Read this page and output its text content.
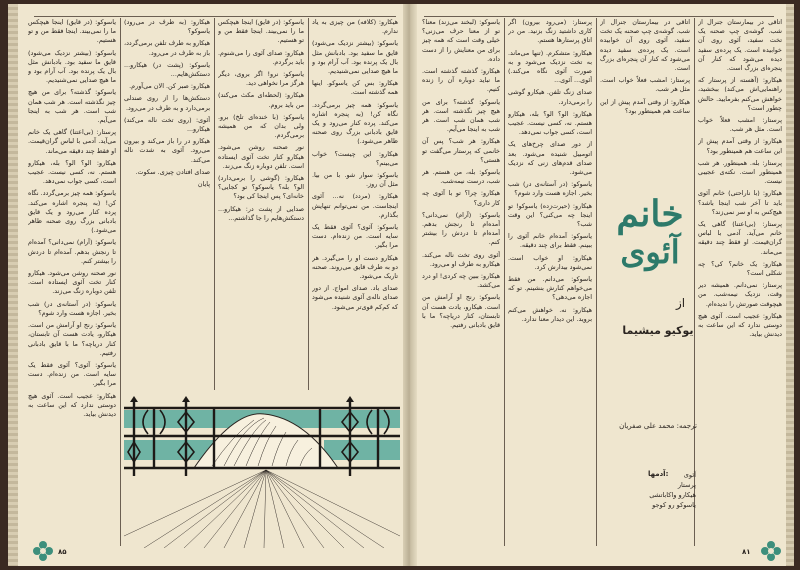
اتاقی در بیمارستان جنرال از شب. گوشه‌ی چپ صحنه یک تخت سفید، آئوی روی آن خوابیده است. یک پرده‌ی سفید دیده می‌شود که کنار آن پنجره‌ای بزرگ است.

هیکارو: (آهسته از پرستار که راهنمایی‌اش می‌کند) ببخشید، خواهش می‌کنم بفرمایید. حالش چطور است؟

پرستار: امشب فعلاً خواب است. مثل هر شب.

هیکارو: از وقتی آمدم پیش از این ساعت هم همینطور بود؟

پرستار: بله. همینطور. هر شب همینطور است. نکته‌ی عجیبی نیست.

هیکارو: (با ناراحتی) خانم آئوی باید تا آخر شب اینجا باشد؟ هیچ‌کس به او سر نمی‌زند؟

پرستار: (بی‌اعتنا) گاهی یک خانم می‌آید. آدمی با لباس گران‌قیمت. او فقط چند دقیقه می‌ماند.

هیکارو: یک خانم؟ کی؟ چه شکلی است؟

پرستار: نمی‌دانم. همیشه دیر وقت، نزدیک نیمه‌شب. من هیچوقت صورتش را ندیده‌ام.

هیکارو: عجیب است. آئوی هیچ دوستی ندارد که این ساعت به دیدنش بیاید.

اتاقی در بیمارستان جنرال از شب. گوشه‌ی چپ صحنه یک تخت سفید، آئوی روی آن خوابیده است. یک پرده‌ی سفید دیده می‌شود که کنار آن پنجره‌ای بزرگ است.

پرستار: امشب فعلاً خواب است. مثل هر شب.

هیکارو: از وقتی آمدم پیش از این ساعت هم همینطور بود؟

خانم
آئوی
از
یوکیو میشیما
ترجمه: محمد علی صفریان
آئوی
پرستار
هیکارو واکاباتشی
یاسوکو رو کوجو
آدمها:

پرستار: (می‌رود بیرون) اگر کاری داشتید زنگ بزنید. من در اتاق پرستارها هستم.

هیکارو: متشکرم. (تنها می‌ماند. به تخت نزدیک می‌شود و به صورت آئوی نگاه می‌کند.) آئوی... آئوی...

صدای زنگ تلفن. هیکارو گوشی را برمی‌دارد.

هیکارو: الو؟ الو؟ بله، هیکارو هستم. نه، کسی نیست. عجیب است، کسی جواب نمی‌دهد.

از دور صدای چرخ‌های یک اتومبیل شنیده می‌شود. بعد صدای قدم‌های زنی که نزدیک می‌شود.

یاسوکو: (در آستانه‌ی در) شب بخیر. اجازه هست وارد شوم؟

هیکارو: (حیرت‌زده) یاسوکو! تو اینجا چه می‌کنی؟ این وقت شب؟

یاسوکو: آمده‌ام خانم آئوی را ببینم. فقط برای چند دقیقه.

هیکارو: او خواب است. نمی‌شود بیدارش کرد.

یاسوکو: می‌دانم. من فقط می‌خواهم کنارش بنشینم. تو که اجازه می‌دهی؟

هیکارو: نه. خواهش می‌کنم بروید. این دیدار معنا ندارد.

یاسوکو: (لبخند می‌زند) معنا؟ تو از معنا حرف می‌زنی؟ خیلی وقت است که همه چیز برای من معنایش را از دست داده.

هیکارو: گذشته گذشته است. ما نباید دوباره آن را زنده کنیم.

یاسوکو: گذشته؟ برای من هیچ چیز نگذشته است. هر شب همان شب است. هر شب به اینجا می‌آیم.

هیکارو: هر شب؟ پس آن خانمی که پرستار می‌گفت تو هستی؟

یاسوکو: بله، من هستم. هر شب، درست نیمه‌شب.

هیکارو: چرا؟ تو با آئوی چه کار داری؟

یاسوکو: (آرام) نمی‌دانی؟ آمده‌ام تا رنجش بدهم. آمده‌ام تا دردش را بیشتر کنم.

آئوی روی تخت ناله می‌کند. هیکارو به طرف او می‌رود.

هیکارو: ببین چه کردی! او درد می‌کشد.

یاسوکو: رنج او آرامش من است. هیکارو، یادت هست آن تابستان، کنار دریاچه؟ ما با قایق بادبانی رفتیم.

هیکارو: (کلافه) من چیزی به یاد ندارم.

یاسوکو: (بیشتر نزدیک می‌شود) قایق ما سفید بود. بادبانش مثل بال یک پرنده بود. آب آرام بود و ما هیچ صدایی نمی‌شنیدیم.

هیکارو: بس کن یاسوکو. اینها همه گذشته است.

یاسوکو: همه چیز برمی‌گردد. نگاه کن! (به پنجره اشاره می‌کند. پرده کنار می‌رود و یک قایق بادبانی بزرگ روی صحنه ظاهر می‌شود.)

هیکارو: این چیست؟ خواب می‌بینم؟

یاسوکو: سوار شو. با من بیا. مثل آن روز.

هیکارو: (مردد) نه... آئوی اینجاست. من نمی‌توانم تنهایش بگذارم.

یاسوکو: آئوی؟ آئوی فقط یک سایه است. من زنده‌ام. دست مرا بگیر.

هیکارو دست او را می‌گیرد. هر دو به طرف قایق می‌روند. صحنه تاریک می‌شود.

صدای باد. صدای امواج. از دور صدای ناله‌ی آئوی شنیده می‌شود که کم‌کم قوی‌تر می‌شود.

یاسوکو: (در قایق) اینجا هیچکس ما را نمی‌بیند. اینجا فقط من و تو هستیم.

هیکارو: صدای آئوی را می‌شنوم. باید برگردم.

یاسوکو: نرو! اگر بروی، دیگر هرگز مرا نخواهی دید.

هیکارو: (لحظه‌ای مکث می‌کند) من باید بروم.

یاسوکو: (با خنده‌ای تلخ) برو. ولی بدان که من همیشه برمی‌گردم.

نور صحنه روشن می‌شود. هیکارو کنار تخت آئوی ایستاده است. تلفن دوباره زنگ می‌زند.

هیکارو: (گوشی را برمی‌دارد) الو؟ بله؟ یاسوکو؟ تو کجایی؟ خانه‌ای؟ پس اینجا کی بود؟

صدایی از پشت در: هیکارو... دستکش‌هایم را جا گذاشتم...

هیکارو: (به طرف در می‌رود) یاسوکو؟

هیکارو به طرف تلفن برمی‌گردد، باز به طرف در می‌رود.

یاسوکو: (پشت در) هیکارو... دستکش‌هایم...

هیکارو: صبر کن. الان می‌آورم.

دستکش‌ها را از روی صندلی برمی‌دارد و به طرف در می‌رود.

آئوی: (روی تخت ناله می‌کند) هیکارو...

هیکارو در را باز می‌کند و بیرون می‌رود. آئوی به شدت ناله می‌کند.

صدای افتادن چیزی. سکوت.

پایان

یاسوکو: (در قایق) اینجا هیچکس ما را نمی‌بیند. اینجا فقط من و تو هستیم.

یاسوکو: (بیشتر نزدیک می‌شود) قایق ما سفید بود. بادبانش مثل بال یک پرنده بود. آب آرام بود و ما هیچ صدایی نمی‌شنیدیم.

یاسوکو: گذشته؟ برای من هیچ چیز نگذشته است. هر شب همان شب است. هر شب به اینجا می‌آیم.

پرستار: (بی‌اعتنا) گاهی یک خانم می‌آید. آدمی با لباس گران‌قیمت. او فقط چند دقیقه می‌ماند.

هیکارو: الو؟ الو؟ بله، هیکارو هستم. نه، کسی نیست. عجیب است، کسی جواب نمی‌دهد.

یاسوکو: همه چیز برمی‌گردد. نگاه کن! (به پنجره اشاره می‌کند. پرده کنار می‌رود و یک قایق بادبانی بزرگ روی صحنه ظاهر می‌شود.)

یاسوکو: (آرام) نمی‌دانی؟ آمده‌ام تا رنجش بدهم. آمده‌ام تا دردش را بیشتر کنم.

نور صحنه روشن می‌شود. هیکارو کنار تخت آئوی ایستاده است. تلفن دوباره زنگ می‌زند.

یاسوکو: (در آستانه‌ی در) شب بخیر. اجازه هست وارد شوم؟

یاسوکو: رنج او آرامش من است. هیکارو، یادت هست آن تابستان، کنار دریاچه؟ ما با قایق بادبانی رفتیم.

یاسوکو: آئوی؟ آئوی فقط یک سایه است. من زنده‌ام. دست مرا بگیر.

هیکارو: عجیب است. آئوی هیچ دوستی ندارد که این ساعت به دیدنش بیاید.

۸۵	۸۱
